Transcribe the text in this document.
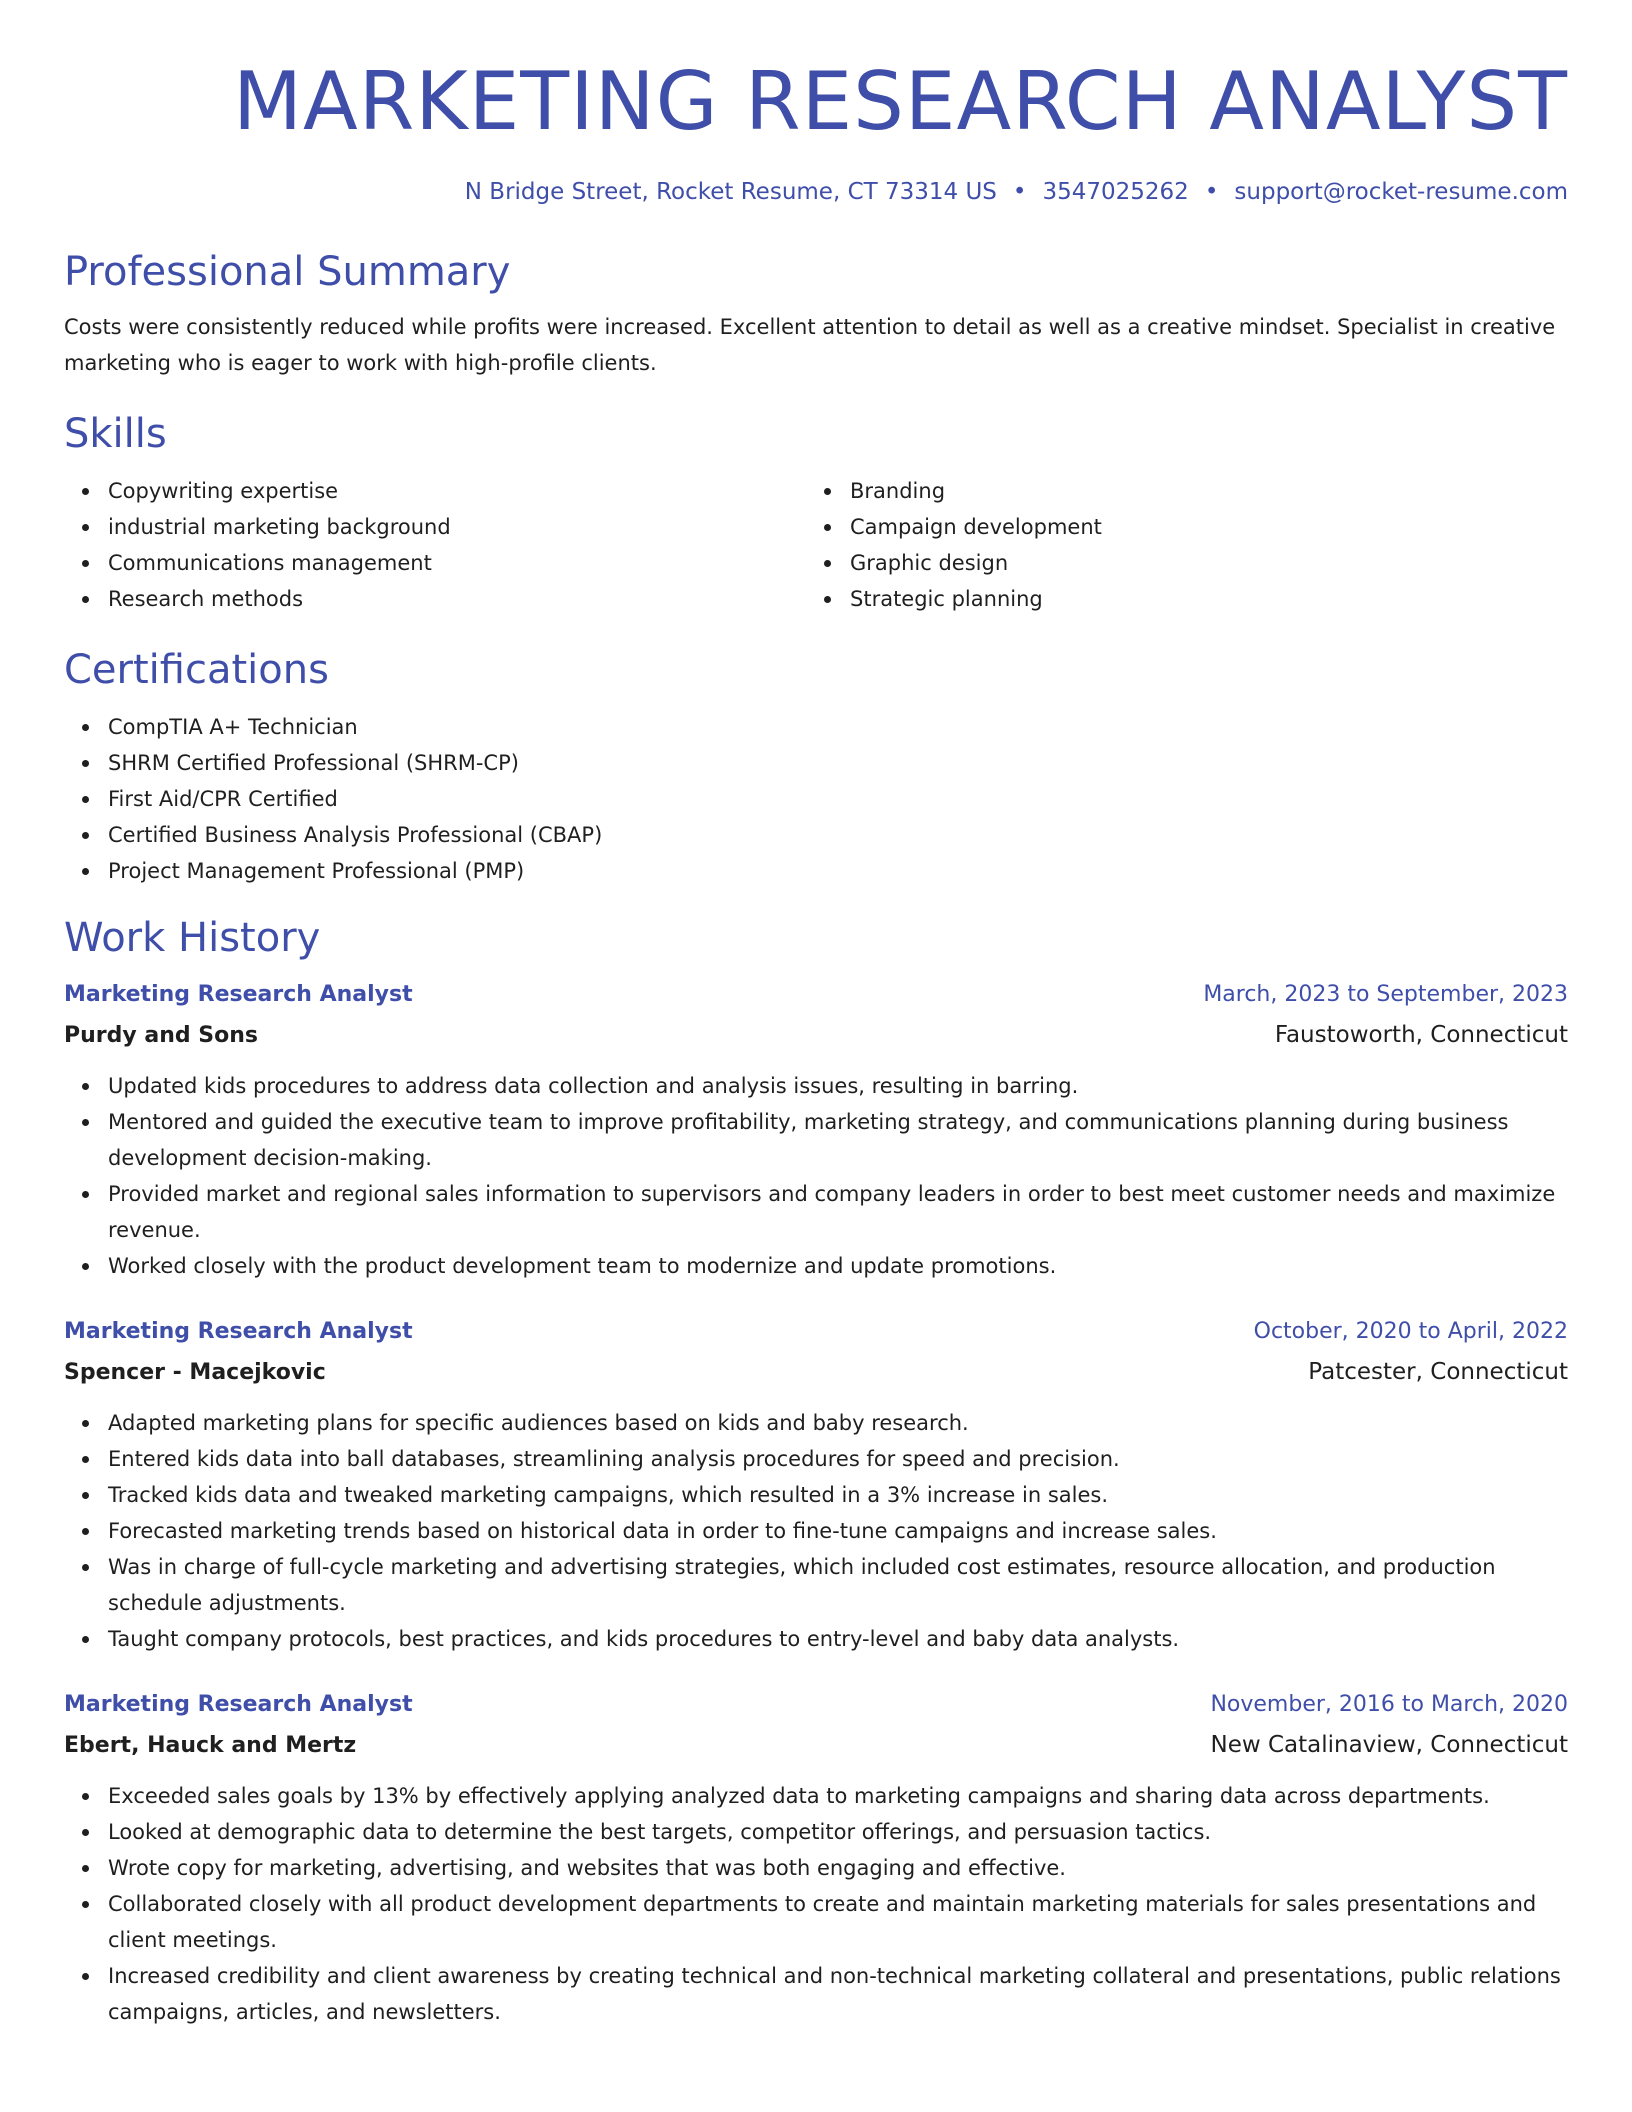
MARKETING RESEARCH ANALYST
N Bridge Street, Rocket Resume, CT 73314 US • 3547025262 • support@rocket-resume.com
Professional Summary
Costs were consistently reduced while profits were increased. Excellent attention to detail as well as a creative mindset. Specialist in creative marketing who is eager to work with high-profile clients.
Skills
Copywriting expertise
industrial marketing background
Communications management
Research methods
Branding
Campaign development
Graphic design
Strategic planning
Certifications
CompTIA A+ Technician
SHRM Certified Professional (SHRM-CP)
First Aid/CPR Certified
Certified Business Analysis Professional (CBAP)
Project Management Professional (PMP)
Work History
Marketing Research Analyst	March, 2023 to September, 2023
Purdy and Sons	Faustoworth, Connecticut
Updated kids procedures to address data collection and analysis issues, resulting in barring.
Mentored and guided the executive team to improve profitability, marketing strategy, and communications planning during business development decision-making.
Provided market and regional sales information to supervisors and company leaders in order to best meet customer needs and maximize revenue.
Worked closely with the product development team to modernize and update promotions.
Marketing Research Analyst	October, 2020 to April, 2022
Spencer - Macejkovic	Patcester, Connecticut
Adapted marketing plans for specific audiences based on kids and baby research.
Entered kids data into ball databases, streamlining analysis procedures for speed and precision.
Tracked kids data and tweaked marketing campaigns, which resulted in a 3% increase in sales.
Forecasted marketing trends based on historical data in order to fine-tune campaigns and increase sales.
Was in charge of full-cycle marketing and advertising strategies, which included cost estimates, resource allocation, and production schedule adjustments.
Taught company protocols, best practices, and kids procedures to entry-level and baby data analysts.
Marketing Research Analyst	November, 2016 to March, 2020
Ebert, Hauck and Mertz	New Catalinaview, Connecticut
Exceeded sales goals by 13% by effectively applying analyzed data to marketing campaigns and sharing data across departments.
Looked at demographic data to determine the best targets, competitor offerings, and persuasion tactics.
Wrote copy for marketing, advertising, and websites that was both engaging and effective.
Collaborated closely with all product development departments to create and maintain marketing materials for sales presentations and client meetings.
Increased credibility and client awareness by creating technical and non-technical marketing collateral and presentations, public relations campaigns, articles, and newsletters.
